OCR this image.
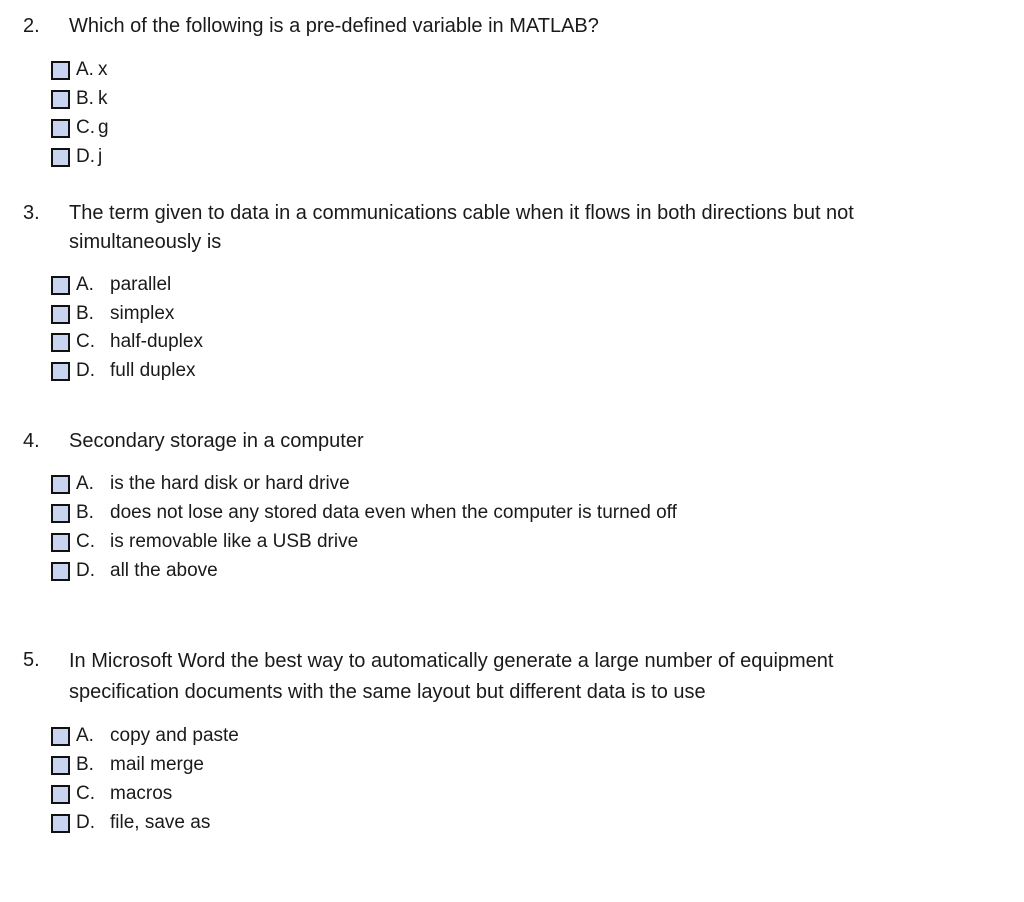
2. Which of the following is a pre-defined variable in MATLAB?
A. x
B. k
C. g
D. j
3. The term given to data in a communications cable when it flows in both directions but not simultaneously is
A. parallel
B. simplex
C. half-duplex
D. full duplex
4. Secondary storage in a computer
A. is the hard disk or hard drive
B. does not lose any stored data even when the computer is turned off
C. is removable like a USB drive
D. all the above
5. In Microsoft Word the best way to automatically generate a large number of equipment specification documents with the same layout but different data is to use
A. copy and paste
B. mail merge
C. macros
D. file, save as
